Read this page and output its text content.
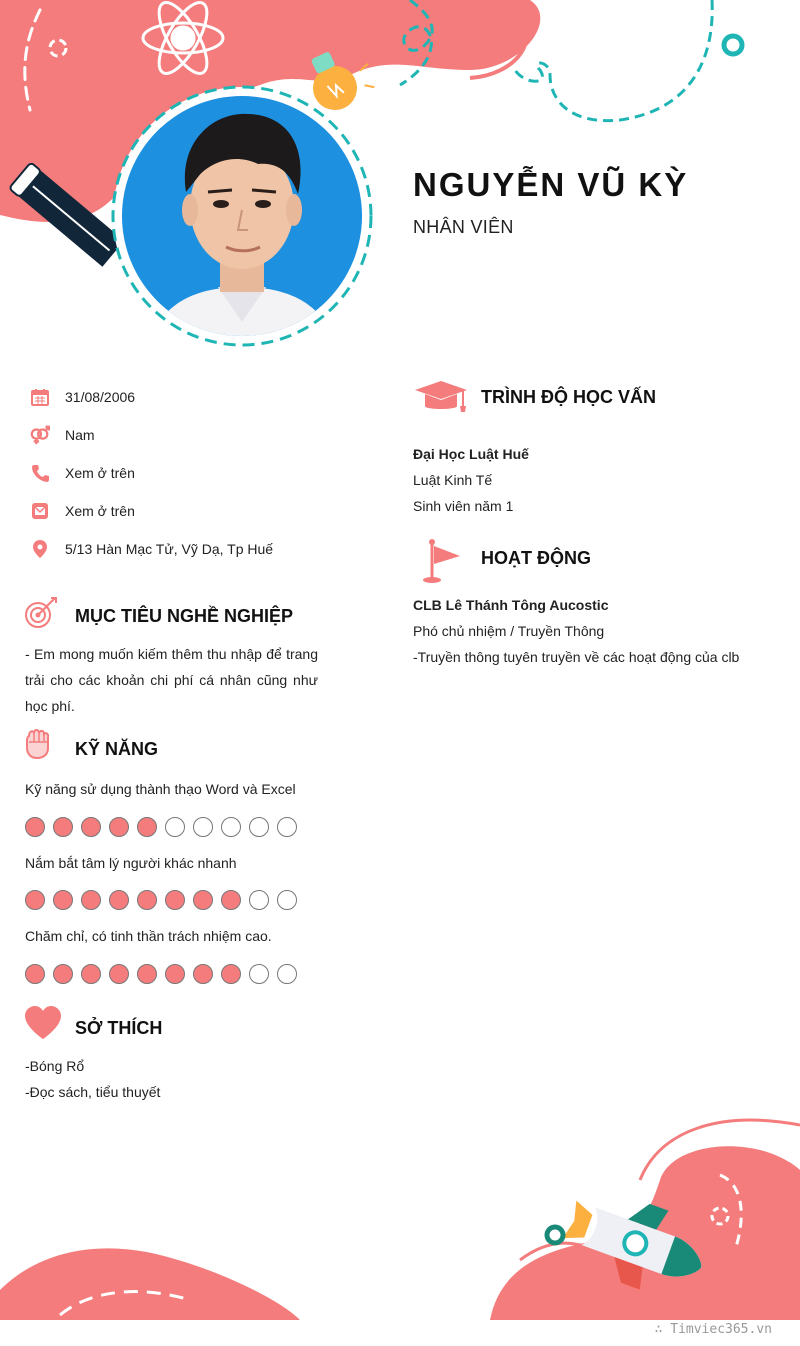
NGUYỄN VŨ KỲ
NHÂN VIÊN
31/08/2006
Nam
Xem ở trên
Xem ở trên
5/13 Hàn Mạc Tử, Vỹ Dạ, Tp Huế
MỤC TIÊU NGHỀ NGHIỆP
- Em mong muốn kiếm thêm thu nhập để trang
trải cho các khoản chi phí cá nhân cũng như
học phí.
KỸ NĂNG
Kỹ năng sử dụng thành thạo Word và Excel
Nắm bắt tâm lý người khác nhanh
Chăm chỉ, có tinh thần trách nhiệm cao.
SỞ THÍCH
-Bóng Rổ
-Đọc sách, tiểu thuyết
TRÌNH ĐỘ HỌC VẤN
Đại Học Luật Huế
Luật Kinh Tế
Sinh viên năm 1
HOẠT ĐỘNG
CLB Lê Thánh Tông Aucostic
Phó chủ nhiệm / Truyền Thông
-Truyền thông tuyên truyền về các hoạt động của clb
∴ Timviec365.vn
